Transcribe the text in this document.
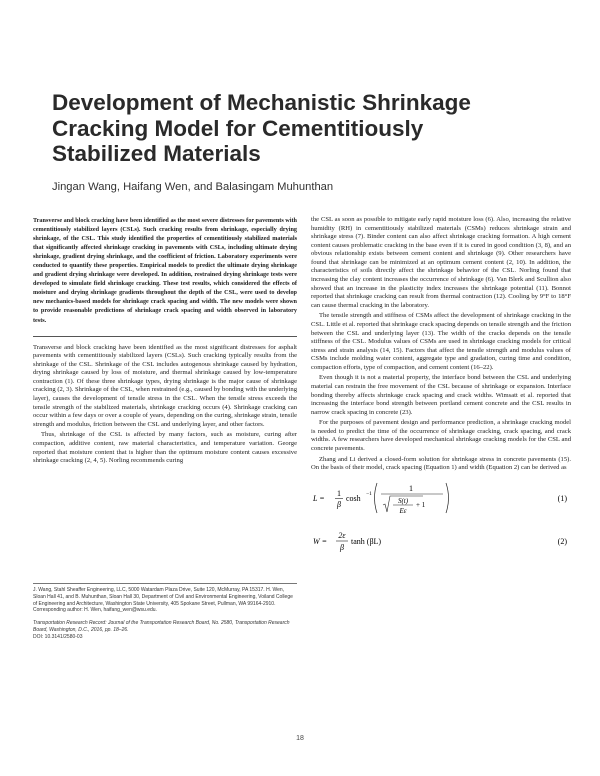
Development of Mechanistic Shrinkage Cracking Model for Cementitiously Stabilized Materials
Jingan Wang, Haifang Wen, and Balasingam Muhunthan

Transverse and block cracking have been identified as the most severe distresses for pavements with cementitiously stabilized layers (CSLs). Such cracking results from shrinkage, especially drying shrinkage, of the CSL. This study identified the properties of cementitiously stabilized materials that significantly affected shrinkage cracking in pavements with CSLs, including ultimate drying shrinkage, gradient drying shrinkage, and the coefficient of friction. Laboratory experiments were conducted to quantify these properties. Empirical models to predict the ultimate drying shrinkage and gradient drying shrinkage were developed. In addition, restrained drying shrinkage tests were developed to simulate field shrinkage cracking. These test results, which considered the effects of moisture and drying shrinkage gradients throughout the depth of the CSL, were used to develop new mechanics-based models for shrinkage crack spacing and width. The new models were shown to provide reasonable predictions of shrinkage crack spacing and width observed in laboratory tests.

Transverse and block cracking have been identified as the most significant distresses for asphalt pavements with cementitiously stabilized layers (CSLs). Such cracking typically results from the shrinkage of the CSL. Shrinkage of the CSL includes autogenous shrinkage caused by hydration, drying shrinkage caused by loss of moisture, and thermal shrinkage caused by low-temperature contraction (1). Of these three shrinkage types, drying shrinkage is the major cause of shrinkage cracking (2, 3). Shrinkage of the CSL, when restrained (e.g., caused by bonding with the underlying layer), causes the development of tensile stress in the CSL. When the tensile stress exceeds the tensile strength of the stabilized materials, shrinkage cracking occurs (4). Shrinkage cracking can occur within a few days or over a couple of years, depending on the curing, shrinkage strain, tensile strength and modulus, friction between the CSL and underlying layer, and other factors.

Thus, shrinkage of the CSL is affected by many factors, such as moisture, curing after compaction, additive content, raw material characteristics, and temperature variation. George reported that moisture content that is higher than the optimum moisture content causes excessive shrinkage cracking (2, 4, 5). Norling recommends curing

J. Wang, Stahl Sheaffer Engineering, LLC, 5000 Watardam Plaza Drive, Suite 120, McMurray, PA 15317. H. Wen, Sloan Hall 41, and B. Muhunthan, Sloan Hall 30, Department of Civil and Environmental Engineering, Voiland College of Engineering and Architecture, Washington State University, 405 Spokane Street, Pullman, WA 99164-2910. Corresponding author: H. Wen, haifang_wen@wsu.edu.

Transportation Research Record: Journal of the Transportation Research Board, No. 2580, Transportation Research Board, Washington, D.C., 2016, pp. 18–26.

DOI: 10.3141/2580-03

the CSL as soon as possible to mitigate early rapid moisture loss (6). Also, increasing the relative humidity (RH) in cementitiously stabilized materials (CSMs) reduces shrinkage strain and shrinkage stress (7). Binder content can also affect shrinkage cracking formation. A high cement content causes problematic cracking in the base even if it is cured in good condition (3, 8), and an obvious relationship exists between cement content and shrinkage (9). Other researchers have found that shrinkage can be minimized at an optimum cement content (2, 10). In addition, the characteristics of soils directly affect the shrinkage behavior of the CSL. Norling found that increasing the clay content increases the occurrence of shrinkage (6). Van Blerk and Scullion also showed that an increase in the plasticity index increases the shrinkage potential (11). Bonnot reported that shrinkage cracking can result from thermal contraction (12). Cooling by 9°F to 18°F can cause thermal cracking in the laboratory.

The tensile strength and stiffness of CSMs affect the development of shrinkage cracking in the CSL. Little et al. reported that shrinkage crack spacing depends on tensile strength and the friction between the CSL and underlying layer (13). The width of the cracks depends on the tensile stiffness of the CSL. Modulus values of CSMs are used in shrinkage cracking models for critical stress and strain analysis (14, 15). Factors that affect the tensile strength and modulus values of CSMs include molding water content, aggregate type and gradation, curing time and condition, compaction efforts, type of compaction, and cement content (16–22).

Even though it is not a material property, the interface bond between the CSL and underlying material can restrain the free movement of the CSL because of shrinkage or expansion. Interface bonding thereby affects shrinkage crack spacing and crack widths. Wimsatt et al. reported that increasing the interface bond strength between portland cement concrete and the CSL results in narrow crack spacing in concrete (23).

For the purposes of pavement design and performance prediction, a shrinkage cracking model is needed to predict the time of the occurrence of shrinkage cracking, crack spacing, and crack widths. A few researchers have developed mechanical shrinkage cracking models for the CSL and concrete pavements.

Zhang and Li derived a closed-form solution for shrinkage stress in concrete pavements (15). On the basis of their model, crack spacing (Equation 1) and width (Equation 2) can be derived as

L =
1
β
cosh −1
1
S(t)
Eε
+ 1
(1)
W =
2ε
β
tanh (βL)	(2)
18
